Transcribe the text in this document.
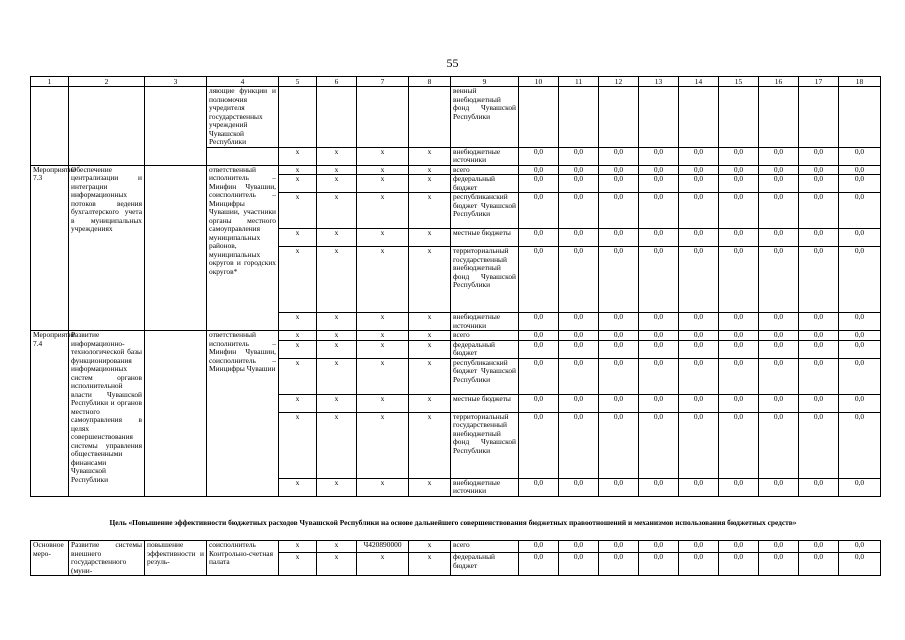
55
1	2	3	4	5	6	7	8	9	10	11	12	13	14	15	16	17	18
			ляющие функции и полномочия учредителя государственных учреждений Чувашской Республики					венный внебюджетный фонд Чувашской Республики									
				x	x	x	x	внебюджетные источники	0,0	0,0	0,0	0,0	0,0	0,0	0,0	0,0	0,0
Мероприятие 7.3	Обеспечение централизации и интеграции информационных потоков ведения бухгалтерского учета в муниципальных учреждениях		ответственный исполнитель – Минфин Чувашии, соисполнитель – Минцифры Чувашии, участники органы местного самоуправления муниципальных районов, муниципальных округов и городских округов*	x	x	x	x	всего	0,0	0,0	0,0	0,0	0,0	0,0	0,0	0,0	0,0
				x	x	x	x	федеральный бюджет	0,0	0,0	0,0	0,0	0,0	0,0	0,0	0,0	0,0
				x	x	x	x	республиканский бюджет Чувашской Республики	0,0	0,0	0,0	0,0	0,0	0,0	0,0	0,0	0,0
				x	x	x	x	местные бюджеты	0,0	0,0	0,0	0,0	0,0	0,0	0,0	0,0	0,0
				x	x	x	x	территориальный государственный внебюджетный фонд Чувашской Республики	0,0	0,0	0,0	0,0	0,0	0,0	0,0	0,0	0,0
				x	x	x	x	внебюджетные источники	0,0	0,0	0,0	0,0	0,0	0,0	0,0	0,0	0,0
Мероприятие 7.4	Развитие информационно-технологической базы функционирования информационных систем органов исполнительной власти Чувашской Республики и органов местного самоуправления в целях совершенствования системы управления общественными финансами Чувашской Республики		ответственный исполнитель – Минфин Чувашии, соисполнитель – Минцифры Чувашии	x	x	x	x	всего	0,0	0,0	0,0	0,0	0,0	0,0	0,0	0,0	0,0
				x	x	x	x	федеральный бюджет	0,0	0,0	0,0	0,0	0,0	0,0	0,0	0,0	0,0
				x	x	x	x	республиканский бюджет Чувашской Республики	0,0	0,0	0,0	0,0	0,0	0,0	0,0	0,0	0,0
				x	x	x	x	местные бюджеты	0,0	0,0	0,0	0,0	0,0	0,0	0,0	0,0	0,0
				x	x	x	x	территориальный государственный внебюджетный фонд Чувашской Республики	0,0	0,0	0,0	0,0	0,0	0,0	0,0	0,0	0,0
				x	x	x	x	внебюджетные источники	0,0	0,0	0,0	0,0	0,0	0,0	0,0	0,0	0,0
Цель «Повышение эффективности бюджетных расходов Чувашской Республики на основе дальнейшего совершенствования бюджетных правоотношений и механизмов использования бюджетных средств»
Основное меро-	Развитие системы внешнего государственного (муни-	повышение эффективности и резуль-	соисполнитель Контрольно-счетная палата	x	x	Ч420890000	x	всего	0,0	0,0	0,0	0,0	0,0	0,0	0,0	0,0	0,0
				x	x	x	x	федеральный бюджет	0,0	0,0	0,0	0,0	0,0	0,0	0,0	0,0	0,0
